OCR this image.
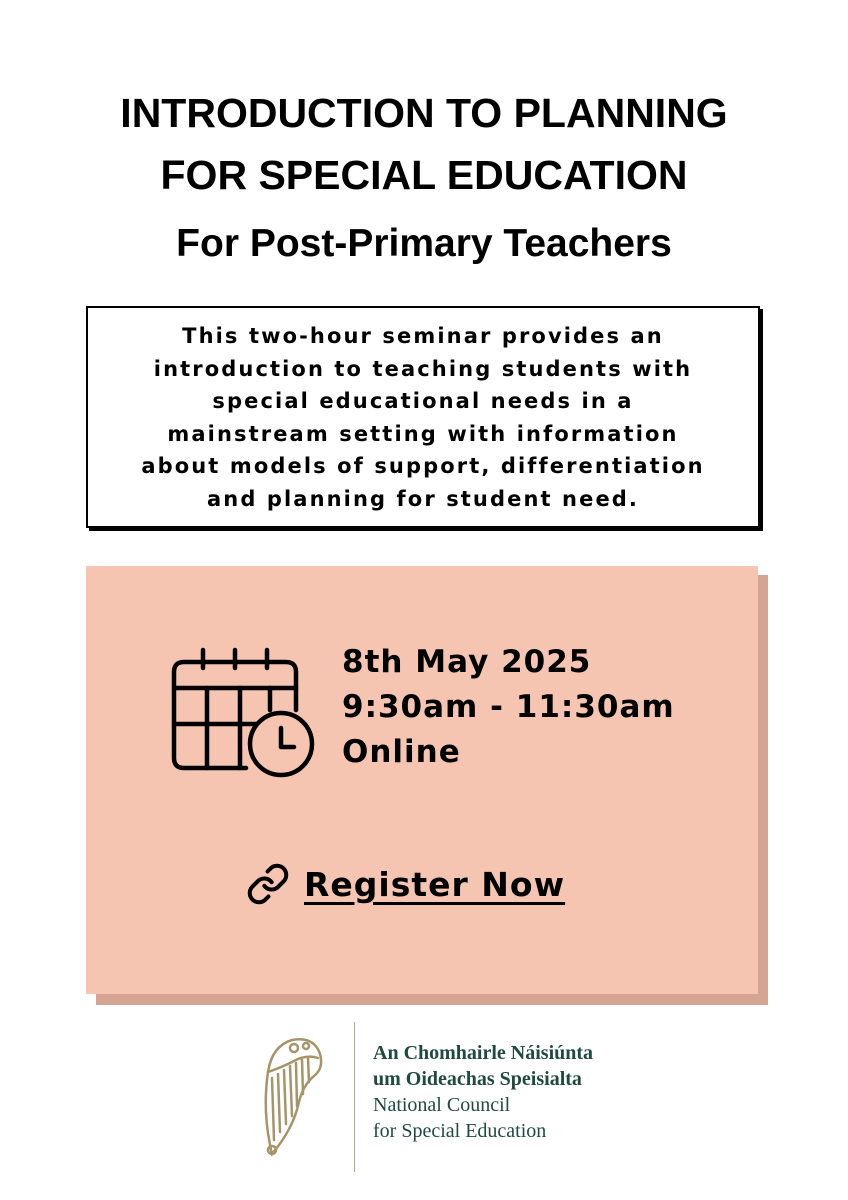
INTRODUCTION TO PLANNING
FOR SPECIAL EDUCATION
For Post-Primary Teachers
This two-hour seminar provides an
introduction to teaching students with
special educational needs in a
mainstream setting with information
about models of support, differentiation
and planning for student need.
8th May 2025
9:30am - 11:30am
Online
Register Now
An Chomhairle Náisiúnta
um Oideachas Speisialta
National Council
for Special Education
